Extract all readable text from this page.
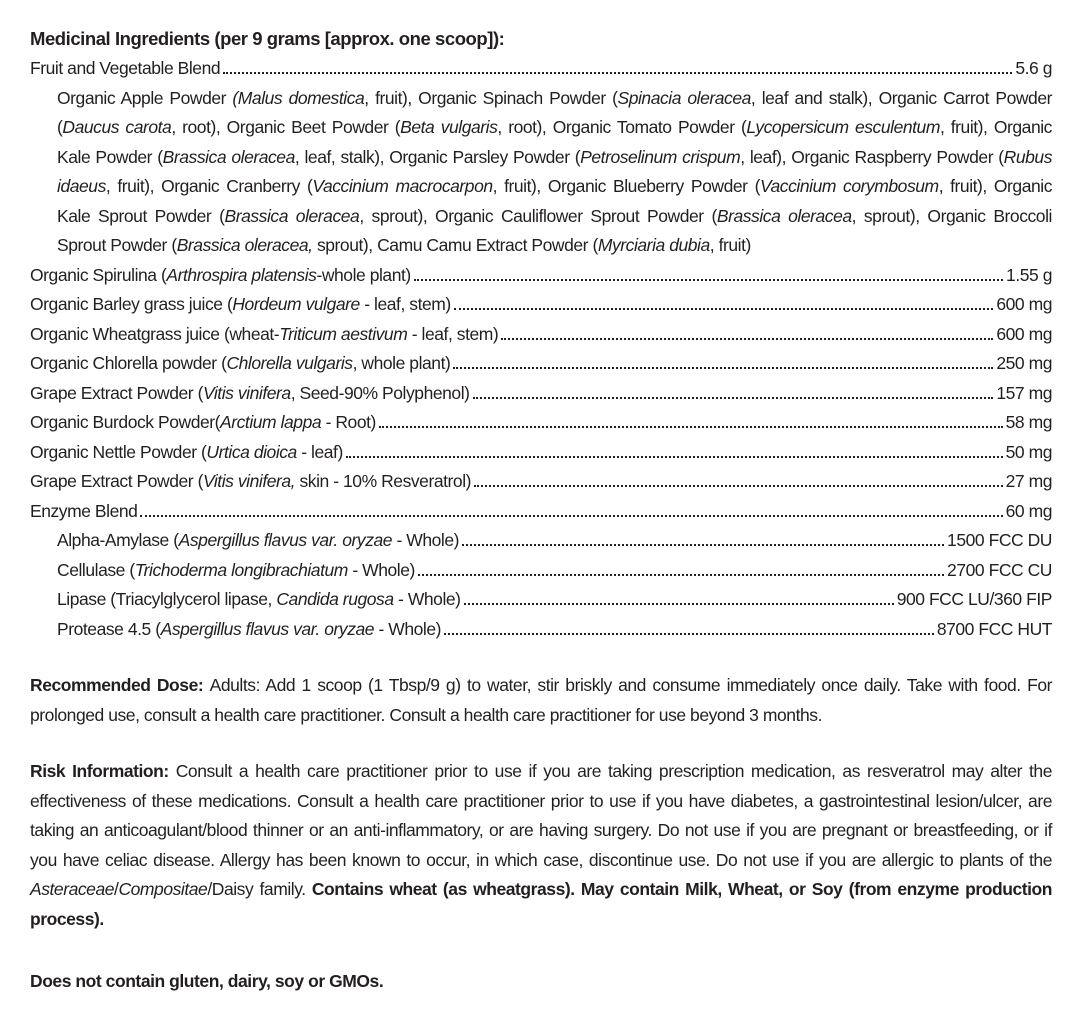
Medicinal Ingredients (per 9 grams [approx. one scoop]):
Fruit and Vegetable Blend	5.6 g
Organic Apple Powder (Malus domestica, fruit), Organic Spinach Powder (Spinacia oleracea, leaf and stalk), Organic Carrot Powder (Daucus carota, root), Organic Beet Powder (Beta vulgaris, root), Organic Tomato Powder (Lycopersicum esculentum, fruit), Organic Kale Powder (Brassica oleracea, leaf, stalk), Organic Parsley Powder (Petroselinum crispum, leaf), Organic Raspberry Powder (Rubus idaeus, fruit), Organic Cranberry (Vaccinium macrocarpon, fruit), Organic Blueberry Powder (Vaccinium corymbosum, fruit), Organic Kale Sprout Powder (Brassica oleracea, sprout), Organic Cauliflower Sprout Powder (Brassica oleracea, sprout), Organic Broccoli Sprout Powder (Brassica oleracea, sprout), Camu Camu Extract Powder (Myrciaria dubia, fruit)
Organic Spirulina (Arthrospira platensis-whole plant)	1.55 g
Organic Barley grass juice (Hordeum vulgare - leaf, stem)	600 mg
Organic Wheatgrass juice (wheat-Triticum aestivum - leaf, stem)	600 mg
Organic Chlorella powder (Chlorella vulgaris, whole plant)	250 mg
Grape Extract Powder (Vitis vinifera, Seed-90% Polyphenol)	157 mg
Organic Burdock Powder(Arctium lappa - Root)	58 mg
Organic Nettle Powder (Urtica dioica - leaf)	50 mg
Grape Extract Powder (Vitis vinifera, skin - 10% Resveratrol)	27 mg
Enzyme Blend	60 mg
Alpha-Amylase (Aspergillus flavus var. oryzae - Whole)	1500 FCC DU
Cellulase (Trichoderma longibrachiatum - Whole)	2700 FCC CU
Lipase (Triacylglycerol lipase, Candida rugosa - Whole)	900 FCC LU/360 FIP
Protease 4.5 (Aspergillus flavus var. oryzae - Whole)	8700 FCC HUT
Recommended Dose: Adults: Add 1 scoop (1 Tbsp/9 g) to water, stir briskly and consume immediately once daily. Take with food. For prolonged use, consult a health care practitioner. Consult a health care practitioner for use beyond 3 months.
Risk Information: Consult a health care practitioner prior to use if you are taking prescription medication, as resveratrol may alter the effectiveness of these medications. Consult a health care practitioner prior to use if you have diabetes, a gastrointestinal lesion/ulcer, are taking an anticoagulant/blood thinner or an anti-inflammatory, or are having surgery. Do not use if you are pregnant or breastfeeding, or if you have celiac disease. Allergy has been known to occur, in which case, discontinue use. Do not use if you are allergic to plants of the Asteraceae/Compositae/Daisy family. Contains wheat (as wheatgrass). May contain Milk, Wheat, or Soy (from enzyme production process).
Does not contain gluten, dairy, soy or GMOs.
